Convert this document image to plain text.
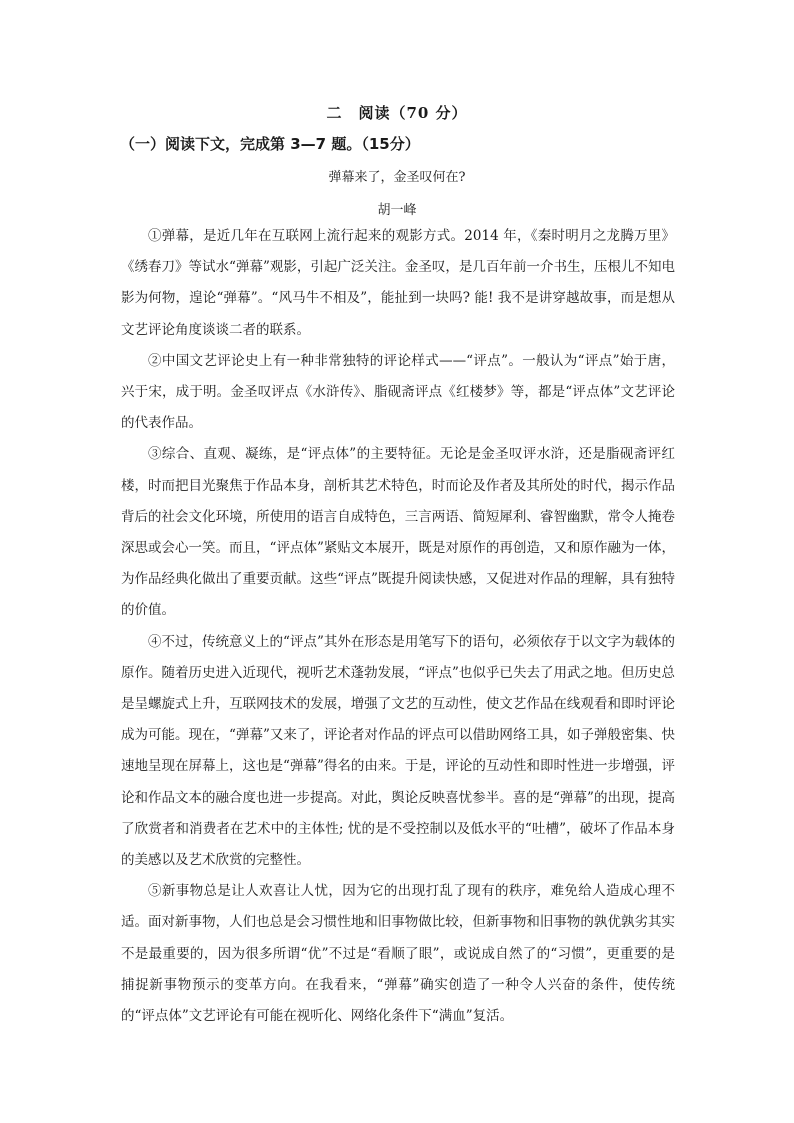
二　阅读（70 分）
（一）阅读下文，完成第 3—7 题。（15分）
弹幕来了，金圣叹何在?
胡一峰

①弹幕，是近几年在互联网上流行起来的观影方式。2014 年，《秦时明月之龙腾万里》 《绣春刀》等试水“弹幕”观影，引起广泛关注。金圣叹，是几百年前一介书生，压根儿不知电影为何物，遑论“弹幕”。“风马牛不相及”，能扯到一块吗? 能! 我不是讲穿越故事，而是想从文艺评论角度谈谈二者的联系。

②中国文艺评论史上有一种非常独特的评论样式——“评点”。一般认为“评点”始于唐，兴于宋，成于明。金圣叹评点《水浒传》、脂砚斋评点《红楼梦》等，都是“评点体”文艺评论的代表作品。

③综合、直观、凝练，是“评点体”的主要特征。无论是金圣叹评水浒，还是脂砚斋评红楼，时而把目光聚焦于作品本身，剖析其艺术特色，时而论及作者及其所处的时代，揭示作品背后的社会文化环境，所使用的语言自成特色，三言两语、简短犀利、睿智幽默，常令人掩卷深思或会心一笑。而且，“评点体”紧贴文本展开，既是对原作的再创造，又和原作融为一体，为作品经典化做出了重要贡献。这些“评点”既提升阅读快感，又促进对作品的理解，具有独特的价值。

④不过，传统意义上的“评点”其外在形态是用笔写下的语句，必须依存于以文字为载体的原作。随着历史进入近现代，视听艺术蓬勃发展，“评点”也似乎已失去了用武之地。但历史总是呈螺旋式上升，互联网技术的发展，增强了文艺的互动性，使文艺作品在线观看和即时评论成为可能。现在，“弹幕”又来了，评论者对作品的评点可以借助网络工具，如子弹般密集、快速地呈现在屏幕上，这也是“弹幕”得名的由来。于是，评论的互动性和即时性进一步增强，评论和作品文本的融合度也进一步提高。对此，舆论反映喜忧参半。喜的是“弹幕”的出现，提高了欣赏者和消费者在艺术中的主体性; 忧的是不受控制以及低水平的“吐槽”，破坏了作品本身的美感以及艺术欣赏的完整性。

⑤新事物总是让人欢喜让人忧，因为它的出现打乱了现有的秩序，难免给人造成心理不适。面对新事物，人们也总是会习惯性地和旧事物做比较，但新事物和旧事物的孰优孰劣其实不是最重要的，因为很多所谓“优”不过是“看顺了眼”，或说成自然了的“习惯”，更重要的是捕捉新事物预示的变革方向。在我看来，“弹幕”确实创造了一种令人兴奋的条件，使传统的“评点体”文艺评论有可能在视听化、网络化条件下“满血”复活。
